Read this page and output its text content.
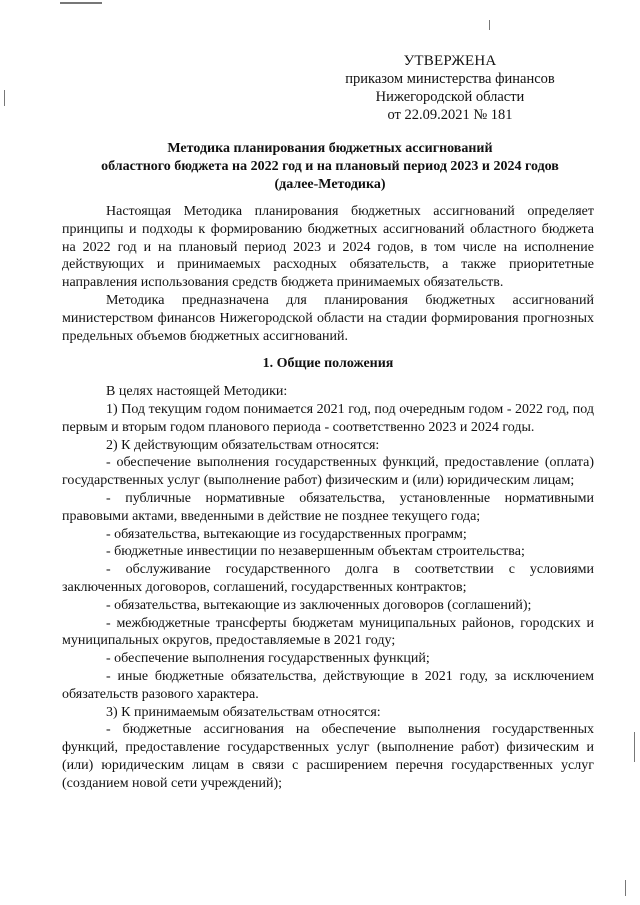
УТВЕРЖЕНА
приказом министерства финансов
Нижегородской области
от 22.09.2021 № 181
Методика планирования бюджетных ассигнований
областного бюджета на 2022 год и на плановый период 2023 и 2024 годов
(далее-Методика)

Настоящая Методика планирования бюджетных ассигнований определяет принципы и подходы к формированию бюджетных ассигнований областного бюджета на 2022 год и на плановый период 2023 и 2024 годов, в том числе на исполнение действующих и принимаемых расходных обязательств, а также приоритетные направления использования средств бюджета принимаемых обязательств.

Методика предназначена для планирования бюджетных ассигнований министерством финансов Нижегородской области на стадии формирования прогнозных предельных объемов бюджетных ассигнований.

1. Общие положения

В целях настоящей Методики:

1) Под текущим годом понимается 2021 год, под очередным годом - 2022 год, под первым и вторым годом планового периода - соответственно 2023 и 2024 годы.

2) К действующим обязательствам относятся:

- обеспечение выполнения государственных функций, предоставление (оплата) государственных услуг (выполнение работ) физическим и (или) юридическим лицам;

- публичные нормативные обязательства, установленные нормативными правовыми актами, введенными в действие не позднее текущего года;

- обязательства, вытекающие из государственных программ;

- бюджетные инвестиции по незавершенным объектам строительства;

- обслуживание государственного долга в соответствии с условиями заключенных договоров, соглашений, государственных контрактов;

- обязательства, вытекающие из заключенных договоров (соглашений);

- межбюджетные трансферты бюджетам муниципальных районов, городских и муниципальных округов, предоставляемые в 2021 году;

- обеспечение выполнения государственных функций;

- иные бюджетные обязательства, действующие в 2021 году, за исключением обязательств разового характера.

3) К принимаемым обязательствам относятся:

- бюджетные ассигнования на обеспечение выполнения государственных функций, предоставление государственных услуг (выполнение работ) физическим и (или) юридическим лицам в связи с расширением перечня государственных услуг (созданием новой сети учреждений);
